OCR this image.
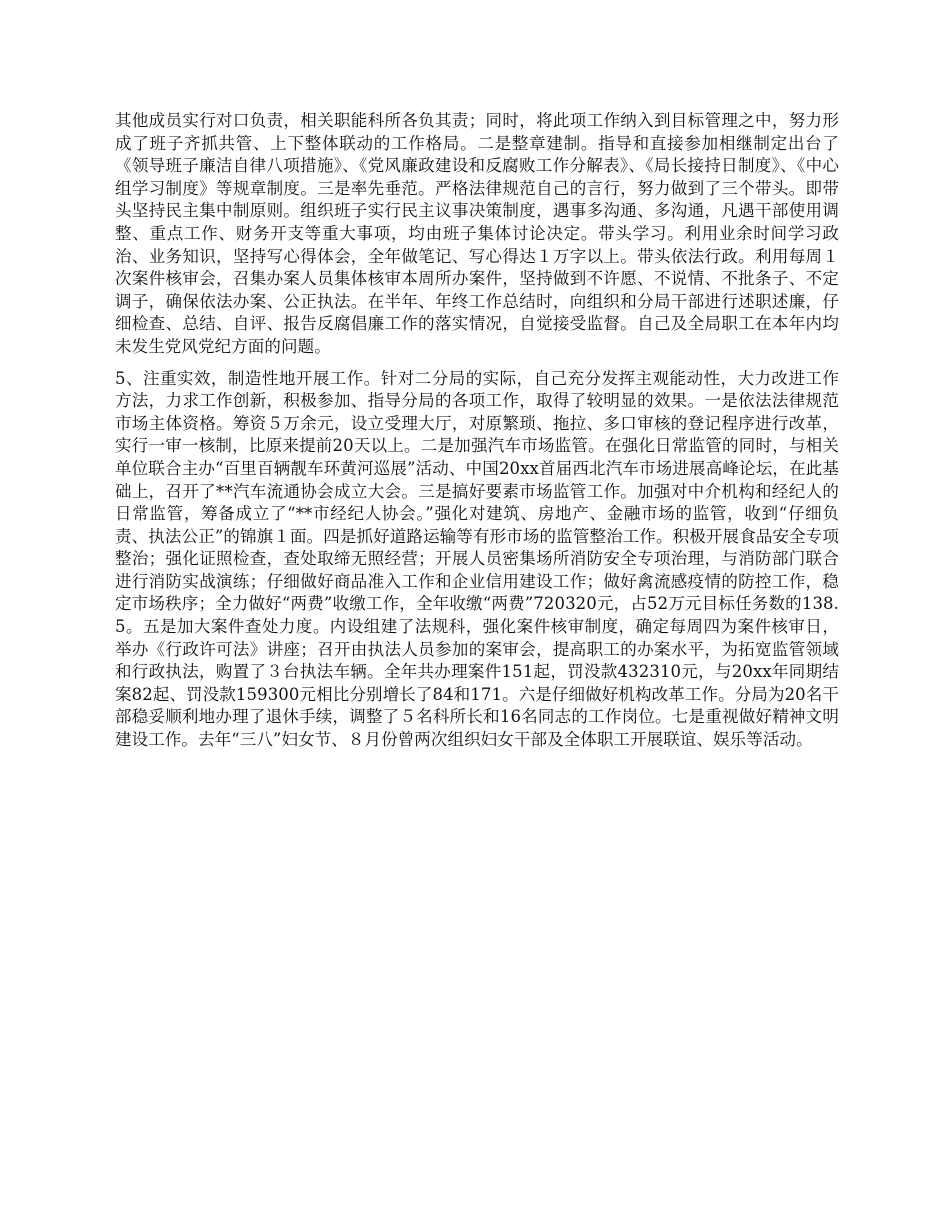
其他成员实行对口负责，相关职能科所各负其责；同时，将此项工作纳入到目标管理之中，努力形成了班子齐抓共管、上下整体联动的工作格局。二是整章建制。指导和直接参加相继制定出台了《领导班子廉洁自律八项措施》、《党风廉政建设和反腐败工作分解表》、《局长接持日制度》、《中心组学习制度》等规章制度。三是率先垂范。严格法律规范自己的言行，努力做到了三个带头。即带头坚持民主集中制原则。组织班子实行民主议事决策制度，遇事多沟通、多沟通，凡遇干部使用调整、重点工作、财务开支等重大事项，均由班子集体讨论决定。带头学习。利用业余时间学习政治、业务知识，坚持写心得体会，全年做笔记、写心得达１万字以上。带头依法行政。利用每周１次案件核审会，召集办案人员集体核审本周所办案件，坚持做到不许愿、不说情、不批条子、不定调子，确保依法办案、公正执法。在半年、年终工作总结时，向组织和分局干部进行述职述廉，仔细检查、总结、自评、报告反腐倡廉工作的落实情况，自觉接受监督。自己及全局职工在本年内均未发生党风党纪方面的问题。

5、注重实效，制造性地开展工作。针对二分局的实际，自己充分发挥主观能动性，大力改进工作方法，力求工作创新，积极参加、指导分局的各项工作，取得了较明显的效果。一是依法法律规范市场主体资格。筹资５万余元，设立受理大厅，对原繁琐、拖拉、多口审核的登记程序进行改革，实行一审一核制，比原来提前20天以上。二是加强汽车市场监管。在强化日常监管的同时，与相关单位联合主办“百里百辆靓车环黄河巡展”活动、中国20xx首届西北汽车市场进展高峰论坛，在此基础上，召开了**汽车流通协会成立大会。三是搞好要素市场监管工作。加强对中介机构和经纪人的日常监管，筹备成立了“**市经纪人协会。”强化对建筑、房地产、金融市场的监管，收到“仔细负责、执法公正”的锦旗１面。四是抓好道路运输等有形市场的监管整治工作。积极开展食品安全专项整治；强化证照检查，查处取缔无照经营；开展人员密集场所消防安全专项治理，与消防部门联合进行消防实战演练；仔细做好商品准入工作和企业信用建设工作；做好禽流感疫情的防控工作，稳定市场秩序；全力做好“两费”收缴工作，全年收缴“两费”720320元，占52万元目标任务数的138.5。五是加大案件查处力度。内设组建了法规科，强化案件核审制度，确定每周四为案件核审日，举办《行政许可法》讲座；召开由执法人员参加的案审会，提高职工的办案水平，为拓宽监管领域和行政执法，购置了３台执法车辆。全年共办理案件151起，罚没款432310元，与20xx年同期结案82起、罚没款159300元相比分别增长了84和171。六是仔细做好机构改革工作。分局为20名干部稳妥顺利地办理了退休手续，调整了５名科所长和16名同志的工作岗位。七是重视做好精神文明建设工作。去年“三八”妇女节、８月份曾两次组织妇女干部及全体职工开展联谊、娱乐等活动。
